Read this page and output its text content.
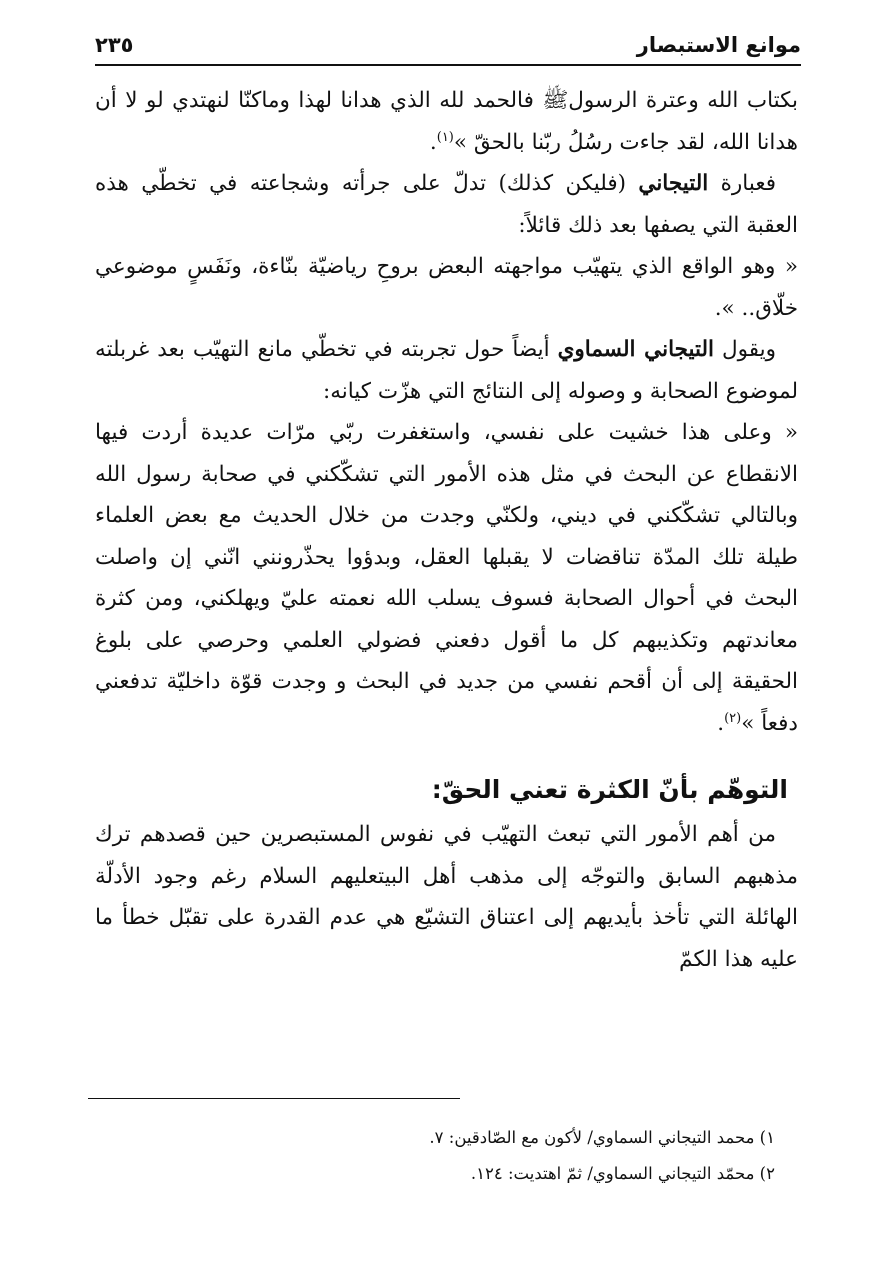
موانع الاستبصار
٢٣٥

بكتاب الله وعترة الرسولﷺ فالحمد لله الذي هدانا لهذا وماكنّا لنهتدي لو لا أن هدانا الله، لقد جاءت رسُلُ ربّنا بالحقّ »$^{(١)}$.

فعبارة التيجاني (فليكن كذلك) تدلّ على جرأته وشجاعته في تخطّي هذه العقبة التي يصفها بعد ذلك قائلاً:

« وهو الواقع الذي يتهيّب مواجهته البعض بروحِ رياضيّة بنّاءة، ونَفَسٍ موضوعي خلّاق.. ».

ويقول التيجاني السماوي أيضاً حول تجربته في تخطّي مانع التهيّب بعد غربلته لموضوع الصحابة و وصوله إلى النتائج التي هزّت كيانه:

« وعلى هذا خشيت على نفسي، واستغفرت ربّي مرّات عديدة أردت فيها الانقطاع عن البحث في مثل هذه الأمور التي تشكّكني في صحابة رسول الله وبالتالي تشكّكني في ديني، ولكنّي وجدت من خلال الحديث مع بعض العلماء طيلة تلك المدّة تناقضات لا يقبلها العقل، وبدؤوا يحذّرونني انّني إن واصلت البحث في أحوال الصحابة فسوف يسلب الله نعمته عليّ ويهلكني، ومن كثرة معاندتهم وتكذيبهم كل ما أقول دفعني فضولي العلمي وحرصي على بلوغ الحقيقة إلى أن أقحم نفسي من جديد في البحث و وجدت قوّة داخليّة تدفعني دفعاً »$^{(٢)}$.

التوهّم بأنّ الكثرة تعني الحقّ:

من أهم الأمور التي تبعث التهيّب في نفوس المستبصرين حين قصدهم ترك مذهبهم السابق والتوجّه إلى مذهب أهل البيتعليهم السلام رغم وجود الأدلّة الهائلة التي تأخذ بأيديهم إلى اعتناق التشيّع هي عدم القدرة على تقبّل خطأ ما عليه هذا الكمّ

١) محمد التيجاني السماوي/ لأكون مع الصّادقين: ٧.

٢) محمّد التيجاني السماوي/ ثمّ اهتديت: ١٢٤.
